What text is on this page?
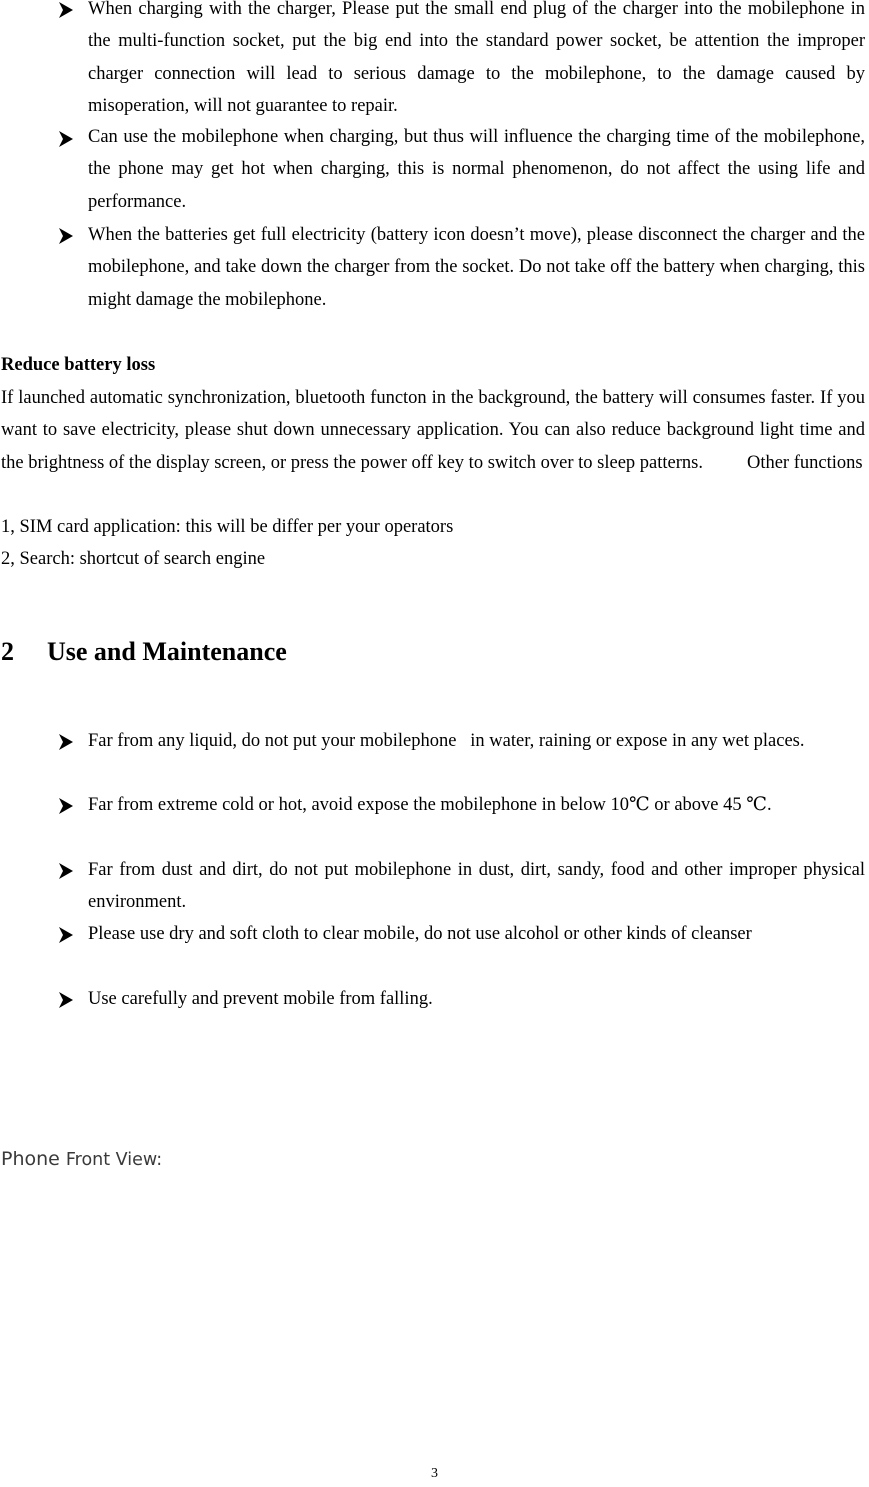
When charging with the charger, Please put the small end plug of the charger into the mobilephone in the multi-function socket, put the big end into the standard power socket, be attention the improper charger connection will lead to serious damage to the mobilephone, to the damage caused by misoperation, will not guarantee to repair.

Can use the mobilephone when charging, but thus will influence the charging time of the mobilephone, the phone may get hot when charging, this is normal phenomenon, do not affect the using life and performance.

When the batteries get full electricity (battery icon doesn’t move), please disconnect the charger and the mobilephone, and take down the charger from the socket. Do not take off the battery when charging, this might damage the mobilephone.

Reduce battery loss

If launched automatic synchronization, bluetooth functon in the background, the battery will consumes faster. If you want to save electricity, please shut down unnecessary application. You can also reduce background light time and the brightness of the display screen, or press the power off key to switch over to sleep patterns. Other functions

1, SIM card application: this will be differ per your operators

2, Search: shortcut of search engine

2 Use and Maintenance

Far from any liquid, do not put your mobilephone   in water, raining or expose in any wet places.

Far from extreme cold or hot, avoid expose the mobilephone in below 10℃ or above 45 ℃.

Far from dust and dirt, do not put mobilephone in dust, dirt, sandy, food and other improper physical environment.

Please use dry and soft cloth to clear mobile, do not use alcohol or other kinds of cleanser

Use carefully and prevent mobile from falling.

Phone Front View:

3
